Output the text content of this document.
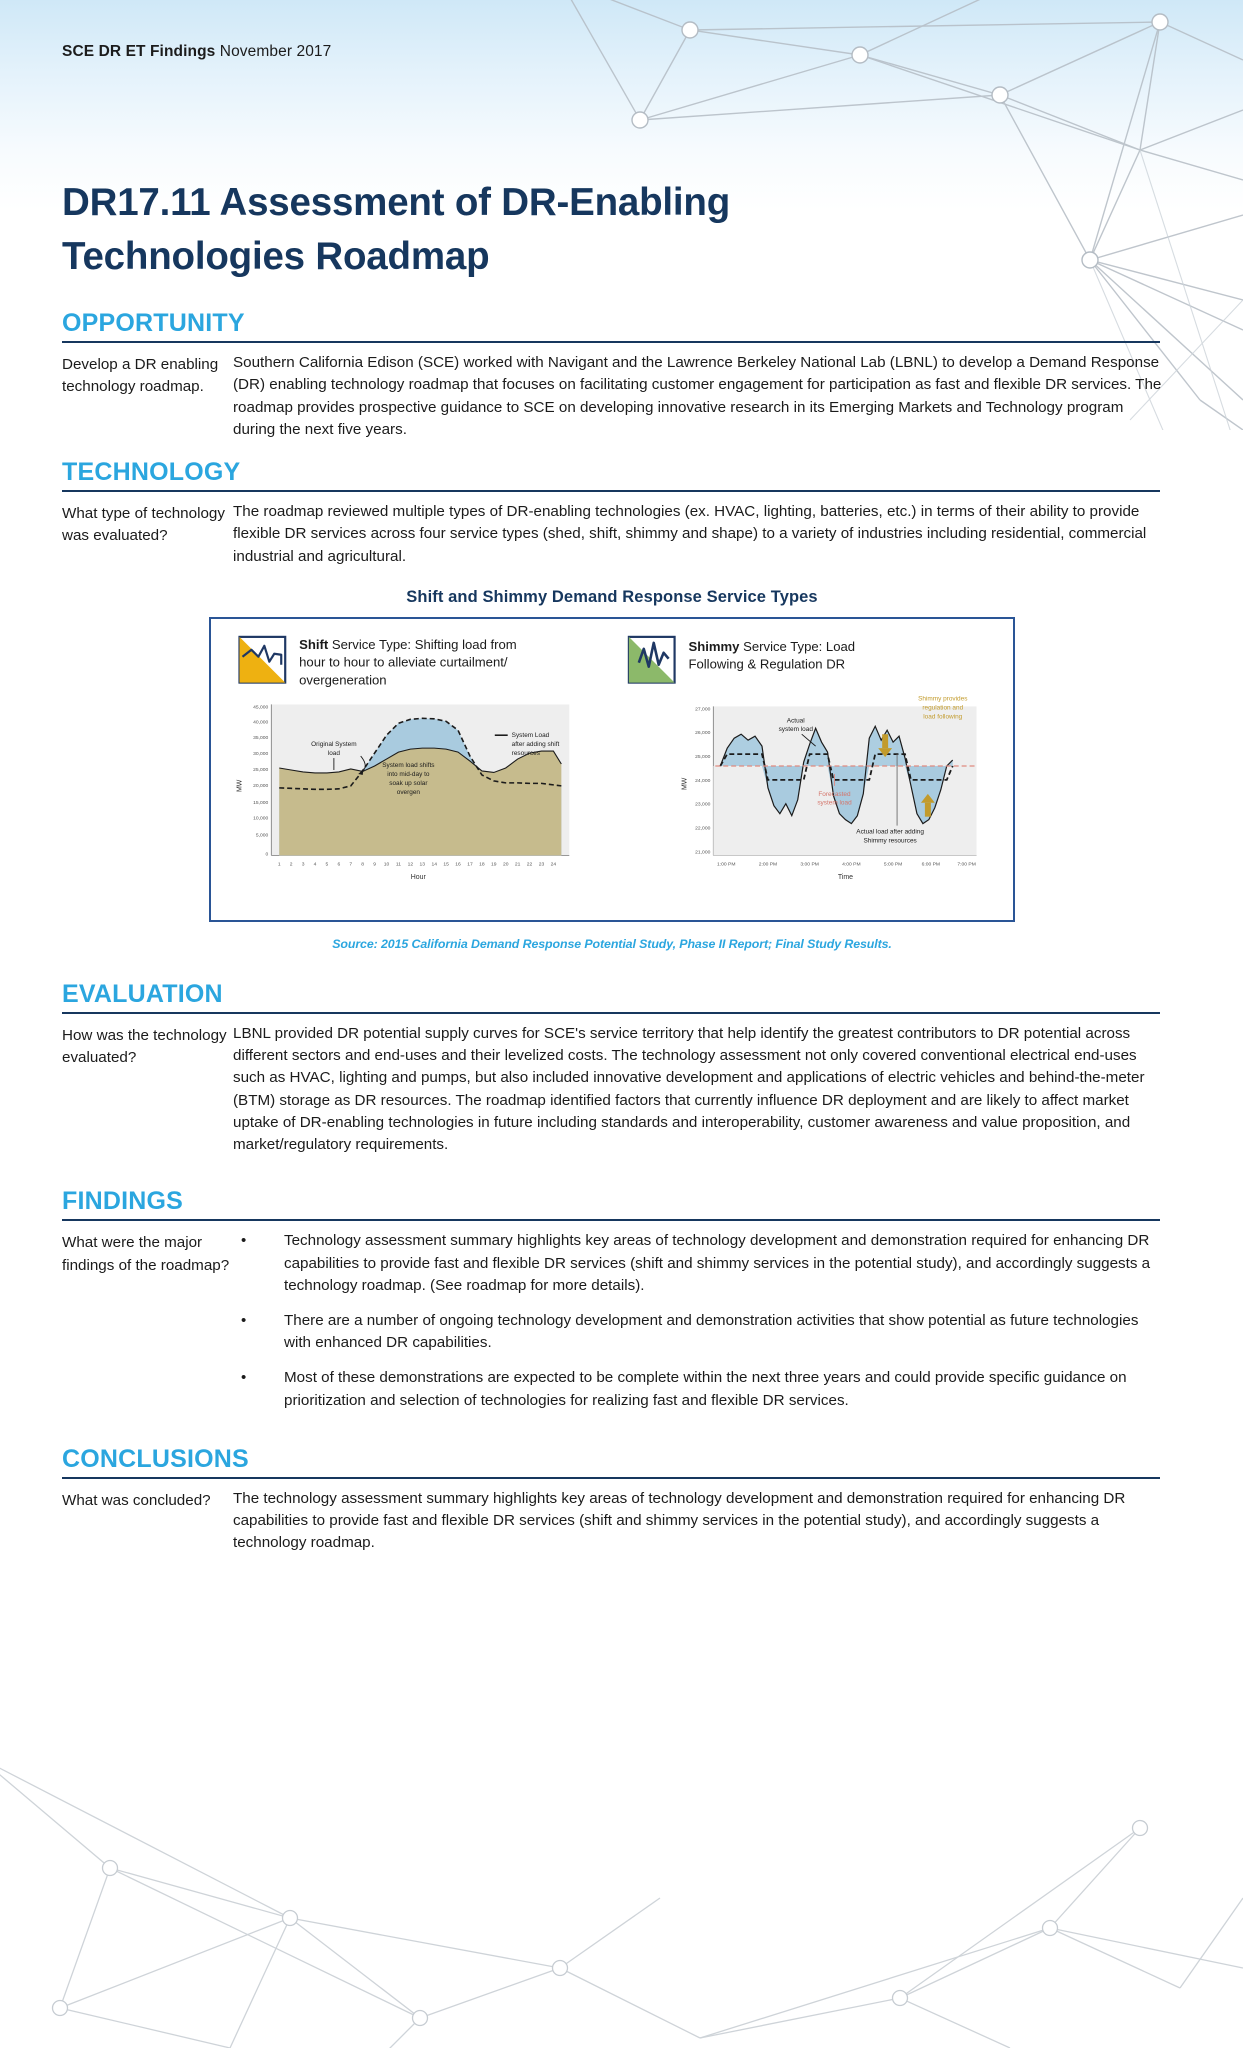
SCE DR ET Findings November 2017
DR17.11 Assessment of DR-Enabling Technologies Roadmap
OPPORTUNITY
Develop a DR enabling technology roadmap.
Southern California Edison (SCE) worked with Navigant and the Lawrence Berkeley National Lab (LBNL) to develop a Demand Response (DR) enabling technology roadmap that focuses on facilitating customer engagement for participation as fast and flexible DR services. The roadmap provides prospective guidance to SCE on developing innovative research in its Emerging Markets and Technology program during the next five years.
TECHNOLOGY
What type of technology was evaluated?
The roadmap reviewed multiple types of DR-enabling technologies (ex. HVAC, lighting, batteries, etc.) in terms of their ability to provide flexible DR services across four service types (shed, shift, shimmy and shape) to a variety of industries including residential, commercial industrial and agricultural.
Shift and Shimmy Demand Response Service Types
Shift Service Type: Shifting load from
hour to hour to alleviate curtailment/
overgeneration
45,000
40,000
35,000
30,000
25,000
20,000
15,000
10,000
5,000
0
MW
Original System
load
System load shifts
into mid-day to
soak up solar
overgen
System Load
after adding shift
resources
1 2 3 4 5 6 7 8 9 10 11 12 13 14 15 16 17 18 19 20 21 22 23 24
Hour
Shimmy Service Type: Load
Following & Regulation DR
27,000
26,000
25,000
24,000
23,000
22,000
21,000
MW
Actual
system load
Forecasted
system load
Actual load after adding
Shimmy resources
Shimmy provides
regulation and
load following
1:00 PM	2:00 PM	3:00 PM	4:00 PM	5:00 PM	6:00 PM	7:00 PM
Time
Source: 2015 California Demand Response Potential Study, Phase II Report; Final Study Results.
EVALUATION
How was the technology evaluated?
LBNL provided DR potential supply curves for SCE's service territory that help identify the greatest contributors to DR potential across different sectors and end-uses and their levelized costs. The technology assessment not only covered conventional electrical end-uses such as HVAC, lighting and pumps, but also included innovative development and applications of electric vehicles and behind-the-meter (BTM) storage as DR resources. The roadmap identified factors that currently influence DR deployment and are likely to affect market uptake of DR-enabling technologies in future including standards and interoperability, customer awareness and value proposition, and market/regulatory requirements.
FINDINGS
What were the major findings of the roadmap?
• Technology assessment summary highlights key areas of technology development and demonstration required for enhancing DR capabilities to provide fast and flexible DR services (shift and shimmy services in the potential study), and accordingly suggests a technology roadmap. (See roadmap for more details).
• There are a number of ongoing technology development and demonstration activities that show potential as future technologies with enhanced DR capabilities.
• Most of these demonstrations are expected to be complete within the next three years and could provide specific guidance on prioritization and selection of technologies for realizing fast and flexible DR services.
CONCLUSIONS
What was concluded?	The technology assessment summary highlights key areas of technology development and demonstration required for enhancing DR capabilities to provide fast and flexible DR services (shift and shimmy services in the potential study), and accordingly suggests a technology roadmap.
